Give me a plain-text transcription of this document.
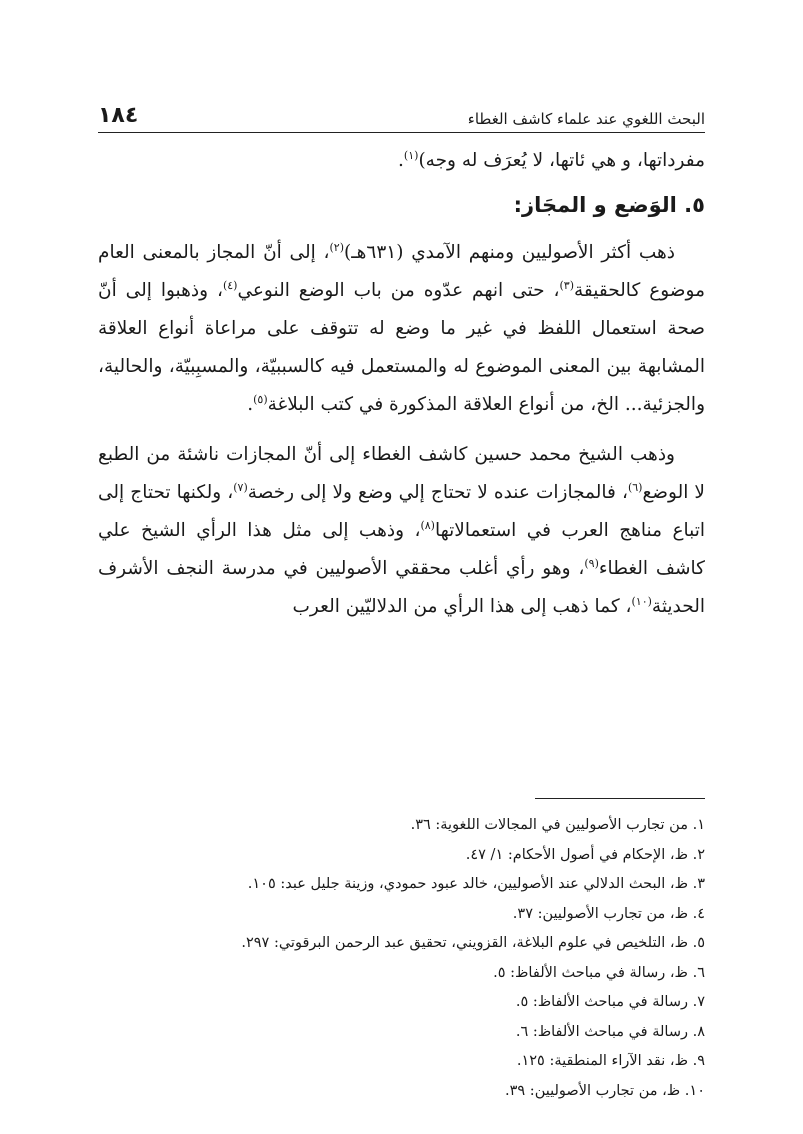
البحث اللغوي عند علماء كاشف الغطاء
١٨٤

مفرداتها، و هي ئاتها، لا يُعرَف له وجه)$^{(١)}$.

٥. الوَضع و المجَاز:

ذهب أكثر الأصوليين ومنهم الآمدي (٦٣١هـ)$^{(٢)}$، إلى أنّ المجاز بالمعنى العام موضوع كالحقيقة$^{(٣)}$، حتى انهم عدّوه من باب الوضع النوعي$^{(٤)}$، وذهبوا إلى أنّ صحة استعمال اللفظ في غير ما وضع له تتوقف على مراعاة أنواع العلاقة المشابهة بين المعنى الموضوع له والمستعمل فيه كالسببيّة، والمسبِبيّة، والحالية، والجزئية... الخ، من أنواع العلاقة المذكورة في كتب البلاغة$^{(٥)}$.

وذهب الشيخ محمد حسين كاشف الغطاء إلى أنّ المجازات ناشئة من الطبع لا الوضع$^{(٦)}$، فالمجازات عنده لا تحتاج إلي وضع ولا إلى رخصة$^{(٧)}$، ولكنها تحتاج إلى اتباع مناهج العرب في استعمالاتها$^{(٨)}$، وذهب إلى مثل هذا الرأي الشيخ علي كاشف الغطاء$^{(٩)}$، وهو رأي أغلب محققي الأصوليين في مدرسة النجف الأشرف الحديثة$^{(١٠)}$، كما ذهب إلى هذا الرأي من الدلاليّين العرب

١. من تجارب الأصوليين في المجالات اللغوية: ٣٦.
٢. ظ، الإحكام في أصول الأحكام: ١/ ٤٧.
٣. ظ، البحث الدلالي عند الأصوليين، خالد عبود حمودي، وزينة جليل عبد: ١٠٥.
٤. ظ، من تجارب الأصوليين: ٣٧.
٥. ظ، التلخيص في علوم البلاغة، القزويني، تحقيق عبد الرحمن البرقوتي: ٢٩٧.
٦. ظ، رسالة في مباحث الألفاظ: ٥.
٧. رسالة في مباحث الألفاظ: ٥.
٨. رسالة في مباحث الألفاظ: ٦.
٩. ظ، نقد الآراء المنطقية: ١٢٥.
١٠. ظ، من تجارب الأصوليين: ٣٩.
